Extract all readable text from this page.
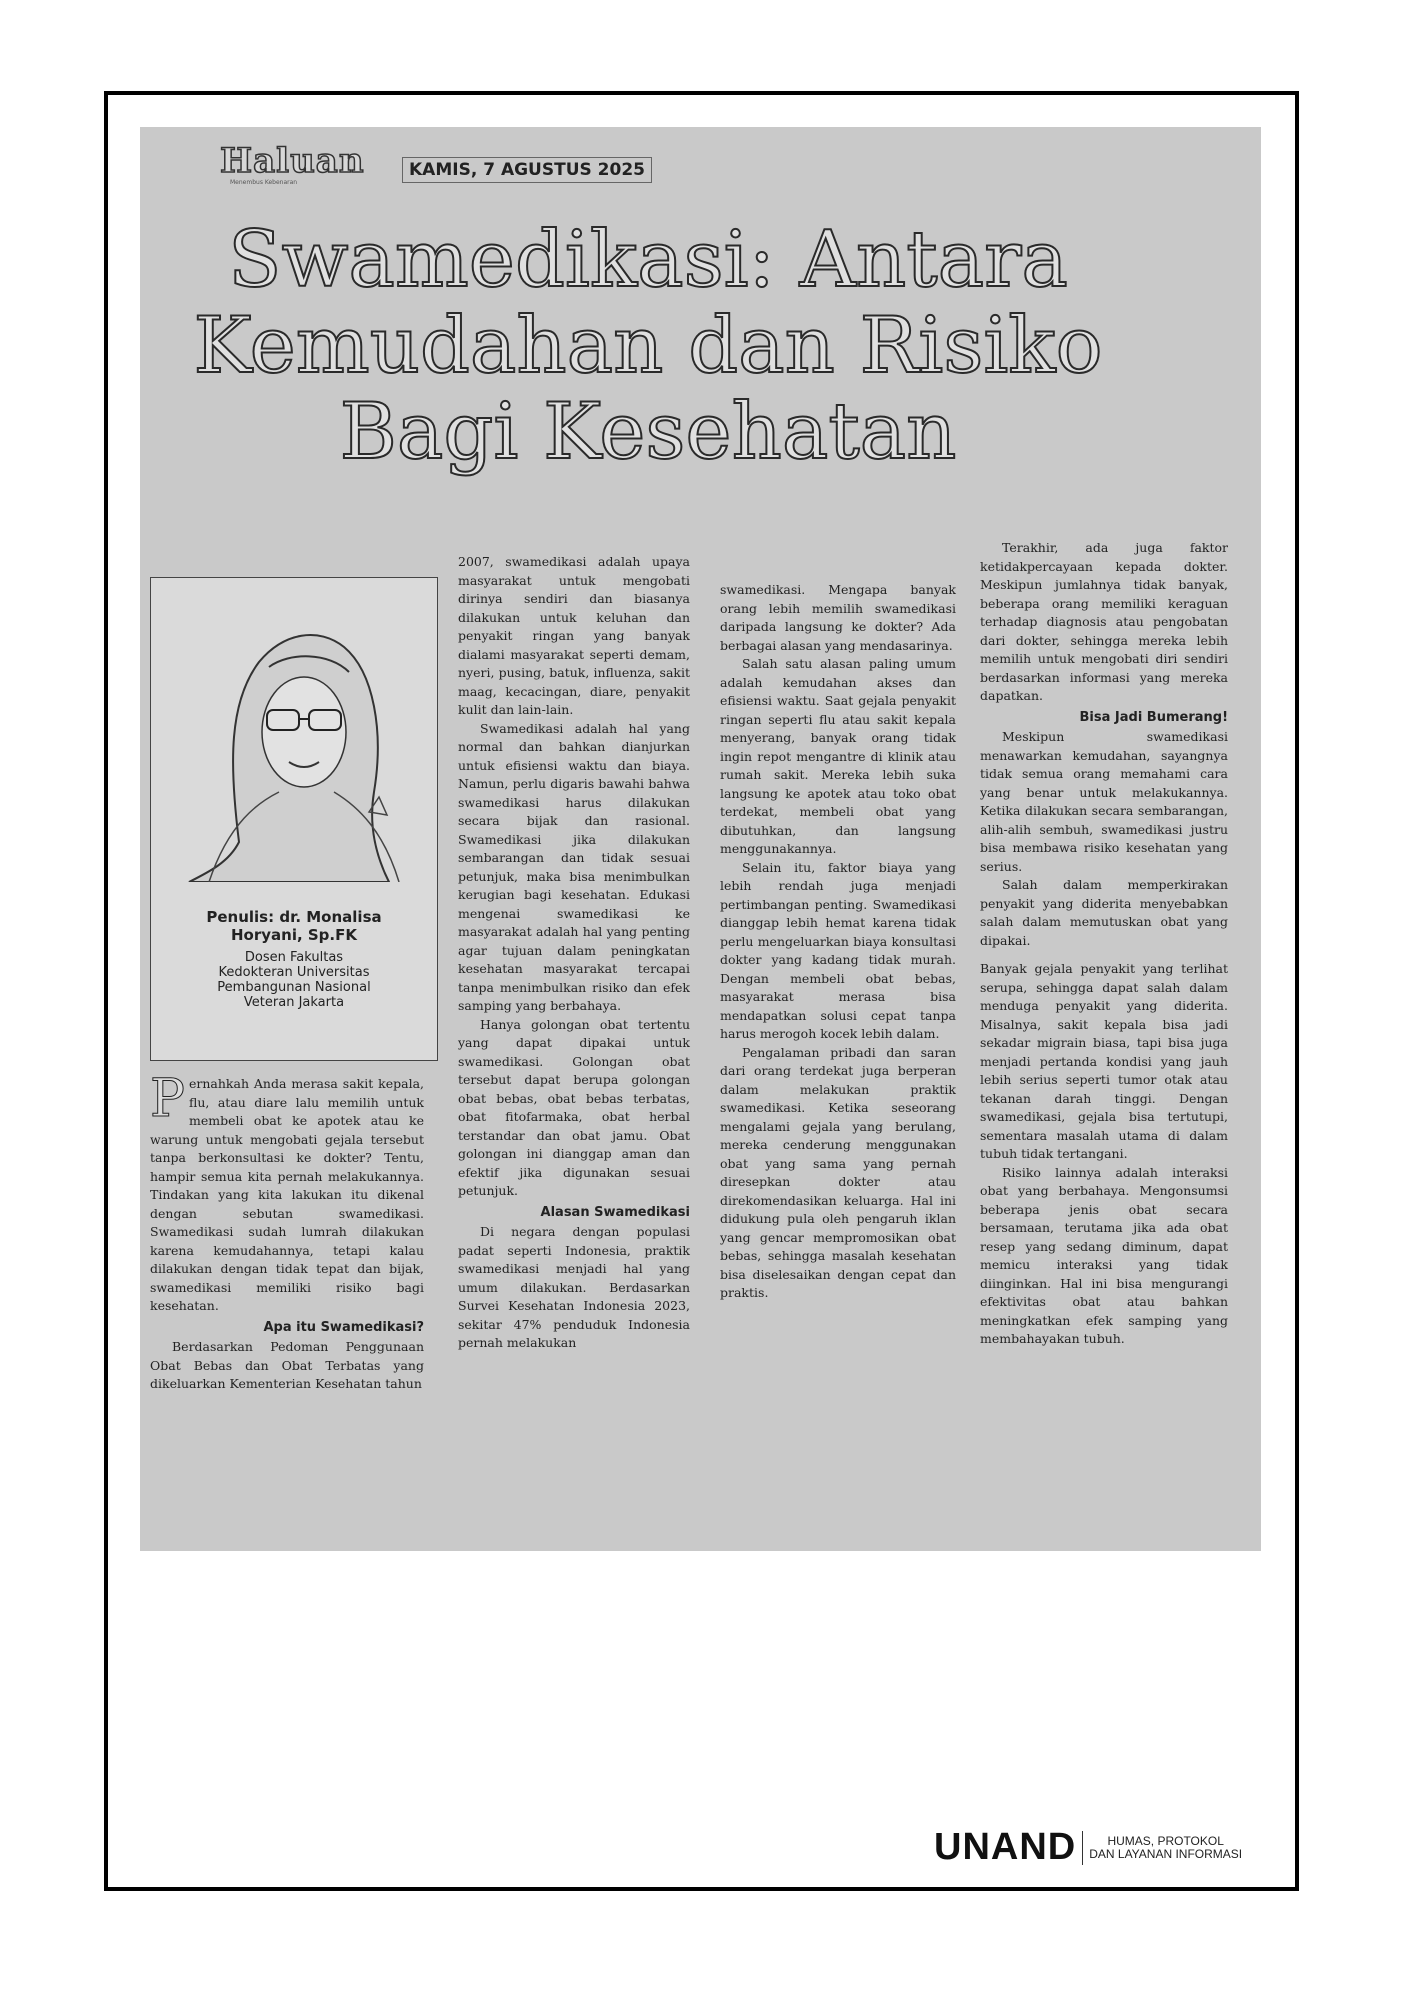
Haluan
Menembus Kebenaran
KAMIS, 7 AGUSTUS 2025
Swamedikasi: Antara
Kemudahan dan Risiko
Bagi Kesehatan
Penulis: dr. Monalisa
Horyani, Sp.FK
Dosen Fakultas
Kedokteran Universitas
Pembangunan Nasional
Veteran Jakarta
P ernahkah Anda merasa sakit kepala, flu, atau diare lalu memilih untuk membeli obat ke apotek atau ke warung untuk mengobati gejala tersebut tanpa berkonsultasi ke dokter? Tentu, hampir semua kita pernah melakukannya. Tindakan yang kita lakukan itu dikenal dengan sebutan swamedikasi. Swamedikasi sudah lumrah dilakukan karena kemudahannya, tetapi kalau dilakukan dengan tidak tepat dan bijak, swamedikasi memiliki risiko bagi kesehatan.

Apa itu Swamedikasi?

Berdasarkan Pedoman Penggunaan Obat Bebas dan Obat Terbatas yang dikeluarkan Kementerian Kesehatan tahun

2007, swamedikasi adalah upaya masyarakat untuk mengobati dirinya sendiri dan biasanya dilakukan untuk keluhan dan penyakit ringan yang banyak dialami masyarakat seperti demam, nyeri, pusing, batuk, influenza, sakit maag, kecacingan, diare, penyakit kulit dan lain-lain.

Swamedikasi adalah hal yang normal dan bahkan dianjurkan untuk efisiensi waktu dan biaya. Namun, perlu digaris bawahi bahwa swamedikasi harus dilakukan secara bijak dan rasional. Swamedikasi jika dilakukan sembarangan dan tidak sesuai petunjuk, maka bisa menimbulkan kerugian bagi kesehatan. Edukasi mengenai swamedikasi ke masyarakat adalah hal yang penting agar tujuan dalam peningkatan kesehatan masyarakat tercapai tanpa menimbulkan risiko dan efek samping yang berbahaya.

Hanya golongan obat tertentu yang dapat dipakai untuk swamedikasi. Golongan obat tersebut dapat berupa golongan obat bebas, obat bebas terbatas, obat fitofarmaka, obat herbal terstandar dan obat jamu. Obat golongan ini dianggap aman dan efektif jika digunakan sesuai petunjuk.

Alasan Swamedikasi

Di negara dengan populasi padat seperti Indonesia, praktik swamedikasi menjadi hal yang umum dilakukan. Berdasarkan Survei Kesehatan Indonesia 2023, sekitar 47% penduduk Indonesia pernah melakukan

swamedikasi. Mengapa banyak orang lebih memilih swamedikasi daripada langsung ke dokter? Ada berbagai alasan yang mendasarinya.

Salah satu alasan paling umum adalah kemudahan akses dan efisiensi waktu. Saat gejala penyakit ringan seperti flu atau sakit kepala menyerang, banyak orang tidak ingin repot mengantre di klinik atau rumah sakit. Mereka lebih suka langsung ke apotek atau toko obat terdekat, membeli obat yang dibutuhkan, dan langsung menggunakannya.

Selain itu, faktor biaya yang lebih rendah juga menjadi pertimbangan penting. Swamedikasi dianggap lebih hemat karena tidak perlu mengeluarkan biaya konsultasi dokter yang kadang tidak murah. Dengan membeli obat bebas, masyarakat merasa bisa mendapatkan solusi cepat tanpa harus merogoh kocek lebih dalam.

Pengalaman pribadi dan saran dari orang terdekat juga berperan dalam melakukan praktik swamedikasi. Ketika seseorang mengalami gejala yang berulang, mereka cenderung menggunakan obat yang sama yang pernah diresepkan dokter atau direkomendasikan keluarga. Hal ini didukung pula oleh pengaruh iklan yang gencar mempromosikan obat bebas, sehingga masalah kesehatan bisa diselesaikan dengan cepat dan praktis.

Terakhir, ada juga faktor ketidakpercayaan kepada dokter. Meskipun jumlahnya tidak banyak, beberapa orang memiliki keraguan terhadap diagnosis atau pengobatan dari dokter, sehingga mereka lebih memilih untuk mengobati diri sendiri berdasarkan informasi yang mereka dapatkan.

Bisa Jadi Bumerang!

Meskipun swamedikasi menawarkan kemudahan, sayangnya tidak semua orang memahami cara yang benar untuk melakukannya. Ketika dilakukan secara sembarangan, alih-alih sembuh, swamedikasi justru bisa membawa risiko kesehatan yang serius.

Salah dalam memperkirakan penyakit yang diderita menyebabkan salah dalam memutuskan obat yang dipakai.

Banyak gejala penyakit yang terlihat serupa, sehingga dapat salah dalam menduga penyakit yang diderita. Misalnya, sakit kepala bisa jadi sekadar migrain biasa, tapi bisa juga menjadi pertanda kondisi yang jauh lebih serius seperti tumor otak atau tekanan darah tinggi. Dengan swamedikasi, gejala bisa tertutupi, sementara masalah utama di dalam tubuh tidak tertangani.

Risiko lainnya adalah interaksi obat yang berbahaya. Mengonsumsi beberapa jenis obat secara bersamaan, terutama jika ada obat resep yang sedang diminum, dapat memicu interaksi yang tidak diinginkan. Hal ini bisa mengurangi efektivitas obat atau bahkan meningkatkan efek samping yang membahayakan tubuh.

UNAND	HUMAS, PROTOKOL
DAN LAYANAN INFORMASI
